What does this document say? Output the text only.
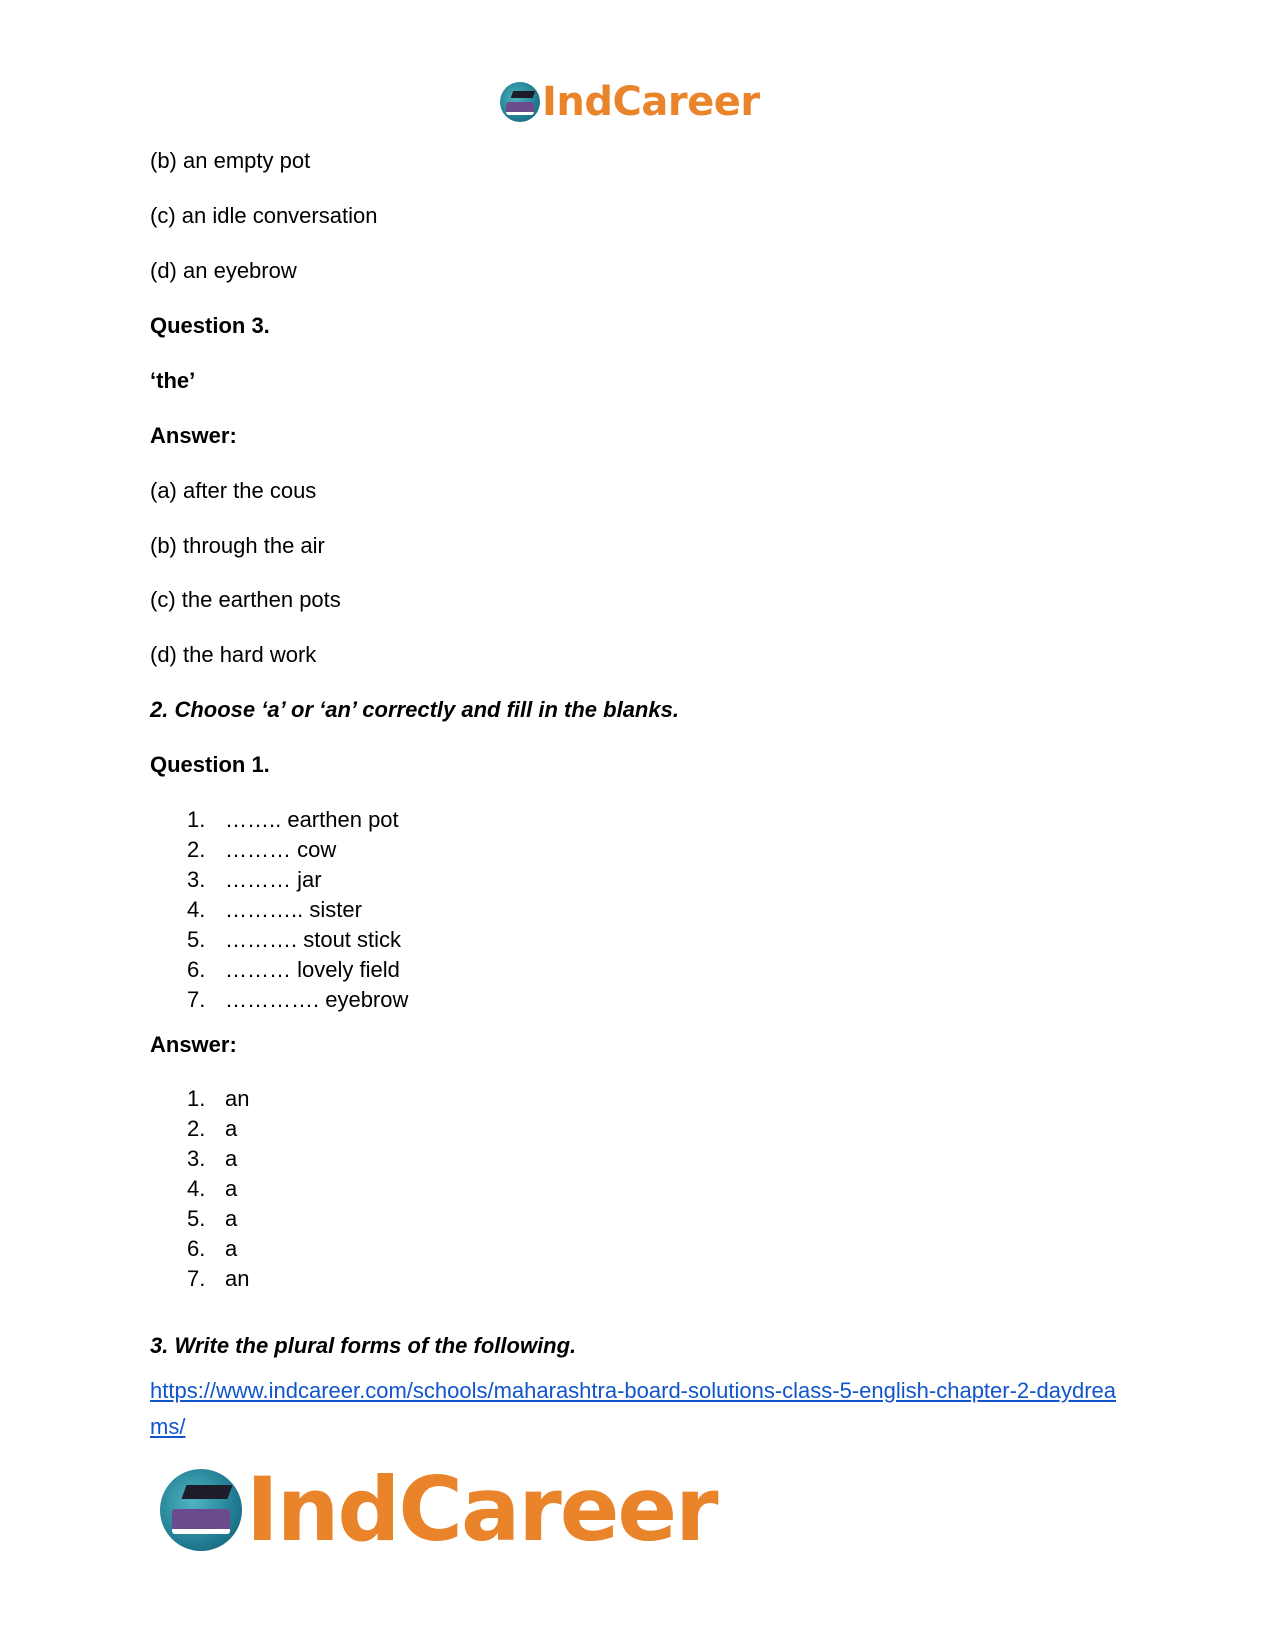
IndCareer
(b) an empty pot
(c) an idle conversation
(d) an eyebrow
Question 3.
‘the’
Answer:
(a) after the cous
(b) through the air
(c) the earthen pots
(d) the hard work
2. Choose ‘a’ or ‘an’ correctly and fill in the blanks.
Question 1.
1. …….. earthen pot
2. ……… cow
3. ……… jar
4. ……….. sister
5. ………. stout stick
6. ……… lovely field
7. …………. eyebrow
Answer:
1. an
2. a
3. a
4. a
5. a
6. a
7. an
3. Write the plural forms of the following.
https://www.indcareer.com/schools/maharashtra-board-solutions-class-5-english-chapter-2-daydreams/
IndCareer
